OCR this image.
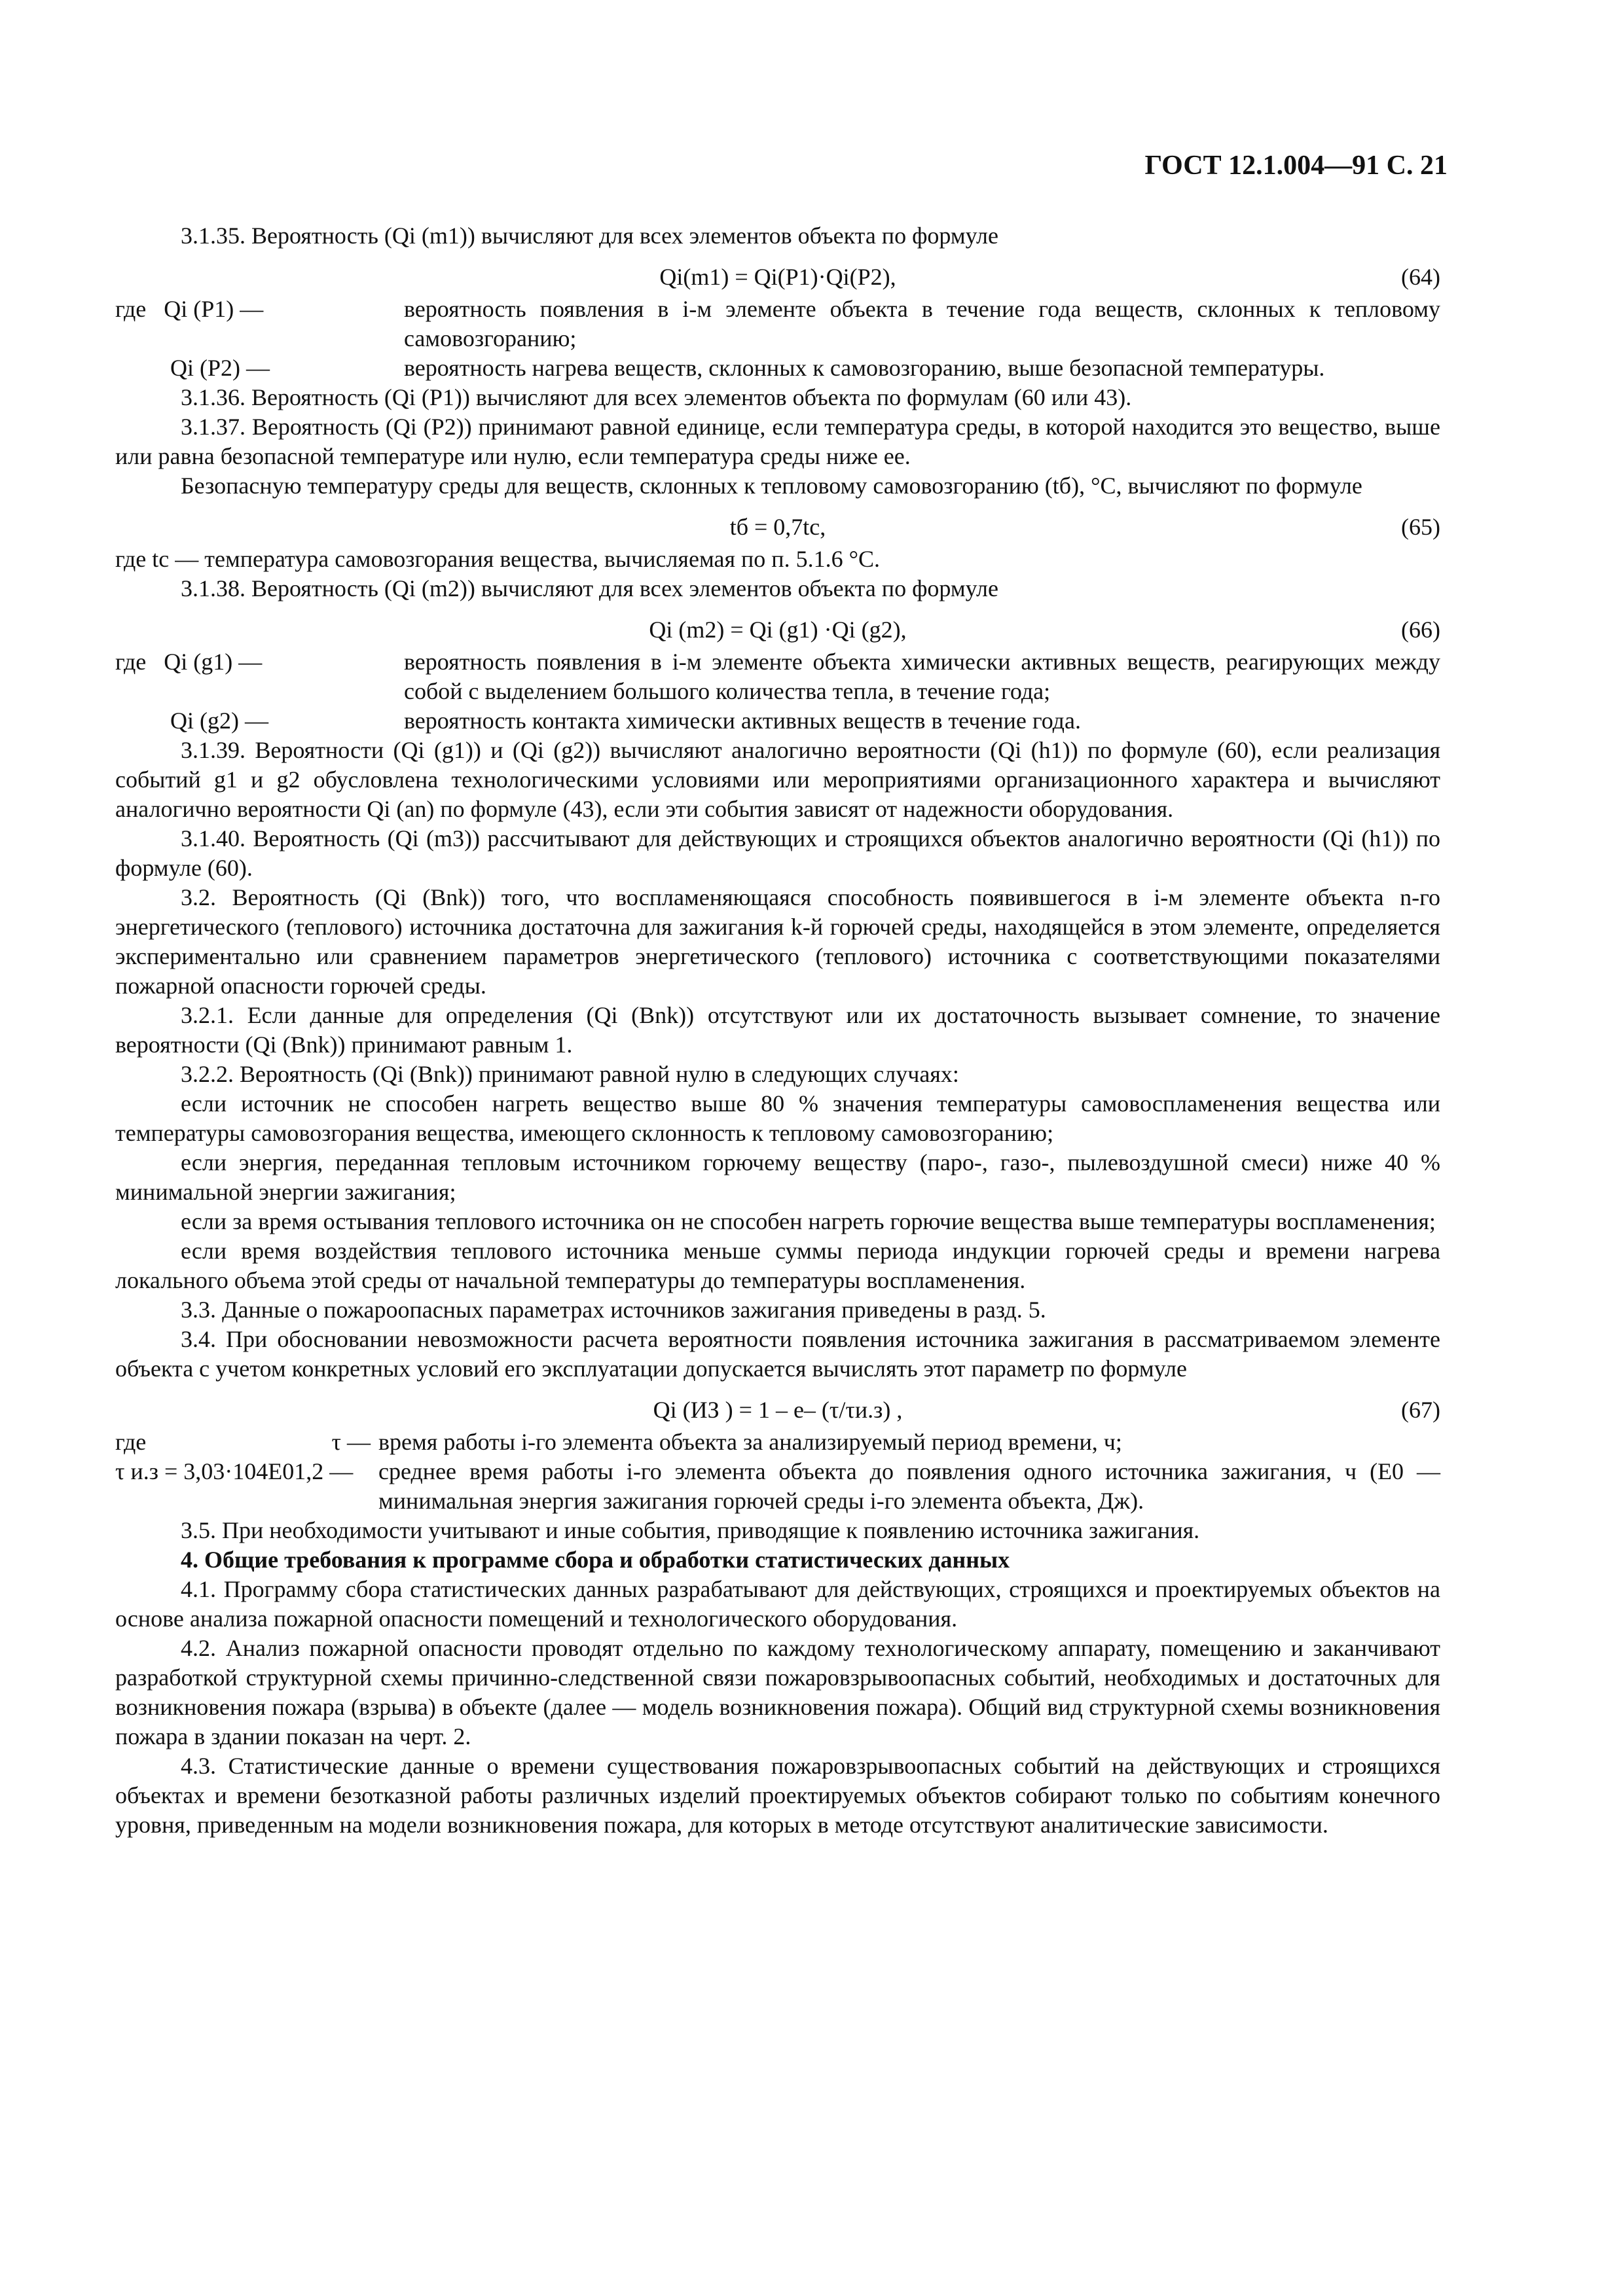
ГОСТ 12.1.004—91 С. 21

3.1.35. Вероятность (Qi (m1)) вычисляют для всех элементов объекта по формуле

Qi(m1) = Qi(P1)·Qi(P2),	(64)
где Qi (P1) —	вероятность появления в i-м элементе объекта в течение года веществ, склонных к тепловому самовозгоранию;
Qi (P2) —	вероятность нагрева веществ, склонных к самовозгоранию, выше безопасной температуры.

3.1.36. Вероятность (Qi (P1)) вычисляют для всех элементов объекта по формулам (60 или 43).

3.1.37. Вероятность (Qi (P2)) принимают равной единице, если температура среды, в которой находится это вещество, выше или равна безопасной температуре или нулю, если температура среды ниже ее.

Безопасную температуру среды для веществ, склонных к тепловому самовозгоранию (tб), °С, вычисляют по формуле

tб = 0,7tс,	(65)

где tс — температура самовозгорания вещества, вычисляемая по п. 5.1.6 °С.

3.1.38. Вероятность (Qi (m2)) вычисляют для всех элементов объекта по формуле

Qi (m2) = Qi (g1) ·Qi (g2),	(66)
где Qi (g1) —	вероятность появления в i-м элементе объекта химически активных веществ, реагирующих между собой с выделением большого количества тепла, в течение года;
Qi (g2) —	вероятность контакта химически активных веществ в течение года.

3.1.39. Вероятности (Qi (g1)) и (Qi (g2)) вычисляют аналогично вероятности (Qi (h1)) по формуле (60), если реализация событий g1 и g2 обусловлена технологическими условиями или мероприятиями организационного характера и вычисляют аналогично вероятности Qi (an) по формуле (43), если эти события зависят от надежности оборудования.

3.1.40. Вероятность (Qi (m3)) рассчитывают для действующих и строящихся объектов аналогично вероятности (Qi (h1)) по формуле (60).

3.2. Вероятность (Qi (Bnk)) того, что воспламеняющаяся способность появившегося в i-м элементе объекта n-го энергетического (теплового) источника достаточна для зажигания k-й горючей среды, находящейся в этом элементе, определяется экспериментально или сравнением параметров энергетического (теплового) источника с соответствующими показателями пожарной опасности горючей среды.

3.2.1. Если данные для определения (Qi (Bnk)) отсутствуют или их достаточность вызывает сомнение, то значение вероятности (Qi (Bnk)) принимают равным 1.

3.2.2. Вероятность (Qi (Bnk)) принимают равной нулю в следующих случаях:

если источник не способен нагреть вещество выше 80 % значения температуры самовоспламенения вещества или температуры самовозгорания вещества, имеющего склонность к тепловому самовозгоранию;

если энергия, переданная тепловым источником горючему веществу (паро-, газо-, пылевоздушной смеси) ниже 40 % минимальной энергии зажигания;

если за время остывания теплового источника он не способен нагреть горючие вещества выше температуры воспламенения;

если время воздействия теплового источника меньше суммы периода индукции горючей среды и времени нагрева локального объема этой среды от начальной температуры до температуры воспламенения.

3.3. Данные о пожароопасных параметрах источников зажигания приведены в разд. 5.

3.4. При обосновании невозможности расчета вероятности появления источника зажигания в рассматриваемом элементе объекта с учетом конкретных условий его эксплуатации допускается вычислять этот параметр по формуле

Qi (ИЗ ) = 1 – e– (τ/τи.з) ,	(67)
где τ —	время работы i-го элемента объекта за анализируемый период времени, ч;
τ и.з = 3,03·104E01,2 —	среднее время работы i-го элемента объекта до появления одного источника зажигания, ч (E0 — минимальная энергия зажигания горючей среды i-го элемента объекта, Дж).

3.5. При необходимости учитывают и иные события, приводящие к появлению источника зажигания.

4. Общие требования к программе сбора и обработки статистических данных

4.1. Программу сбора статистических данных разрабатывают для действующих, строящихся и проектируемых объектов на основе анализа пожарной опасности помещений и технологического оборудования.

4.2. Анализ пожарной опасности проводят отдельно по каждому технологическому аппарату, помещению и заканчивают разработкой структурной схемы причинно-следственной связи пожаровзрывоопасных событий, необходимых и достаточных для возникновения пожара (взрыва) в объекте (далее — модель возникновения пожара). Общий вид структурной схемы возникновения пожара в здании показан на черт. 2.

4.3. Статистические данные о времени существования пожаровзрывоопасных событий на действующих и строящихся объектах и времени безотказной работы различных изделий проектируемых объектов собирают только по событиям конечного уровня, приведенным на модели возникновения пожара, для которых в методе отсутствуют аналитические зависимости.
